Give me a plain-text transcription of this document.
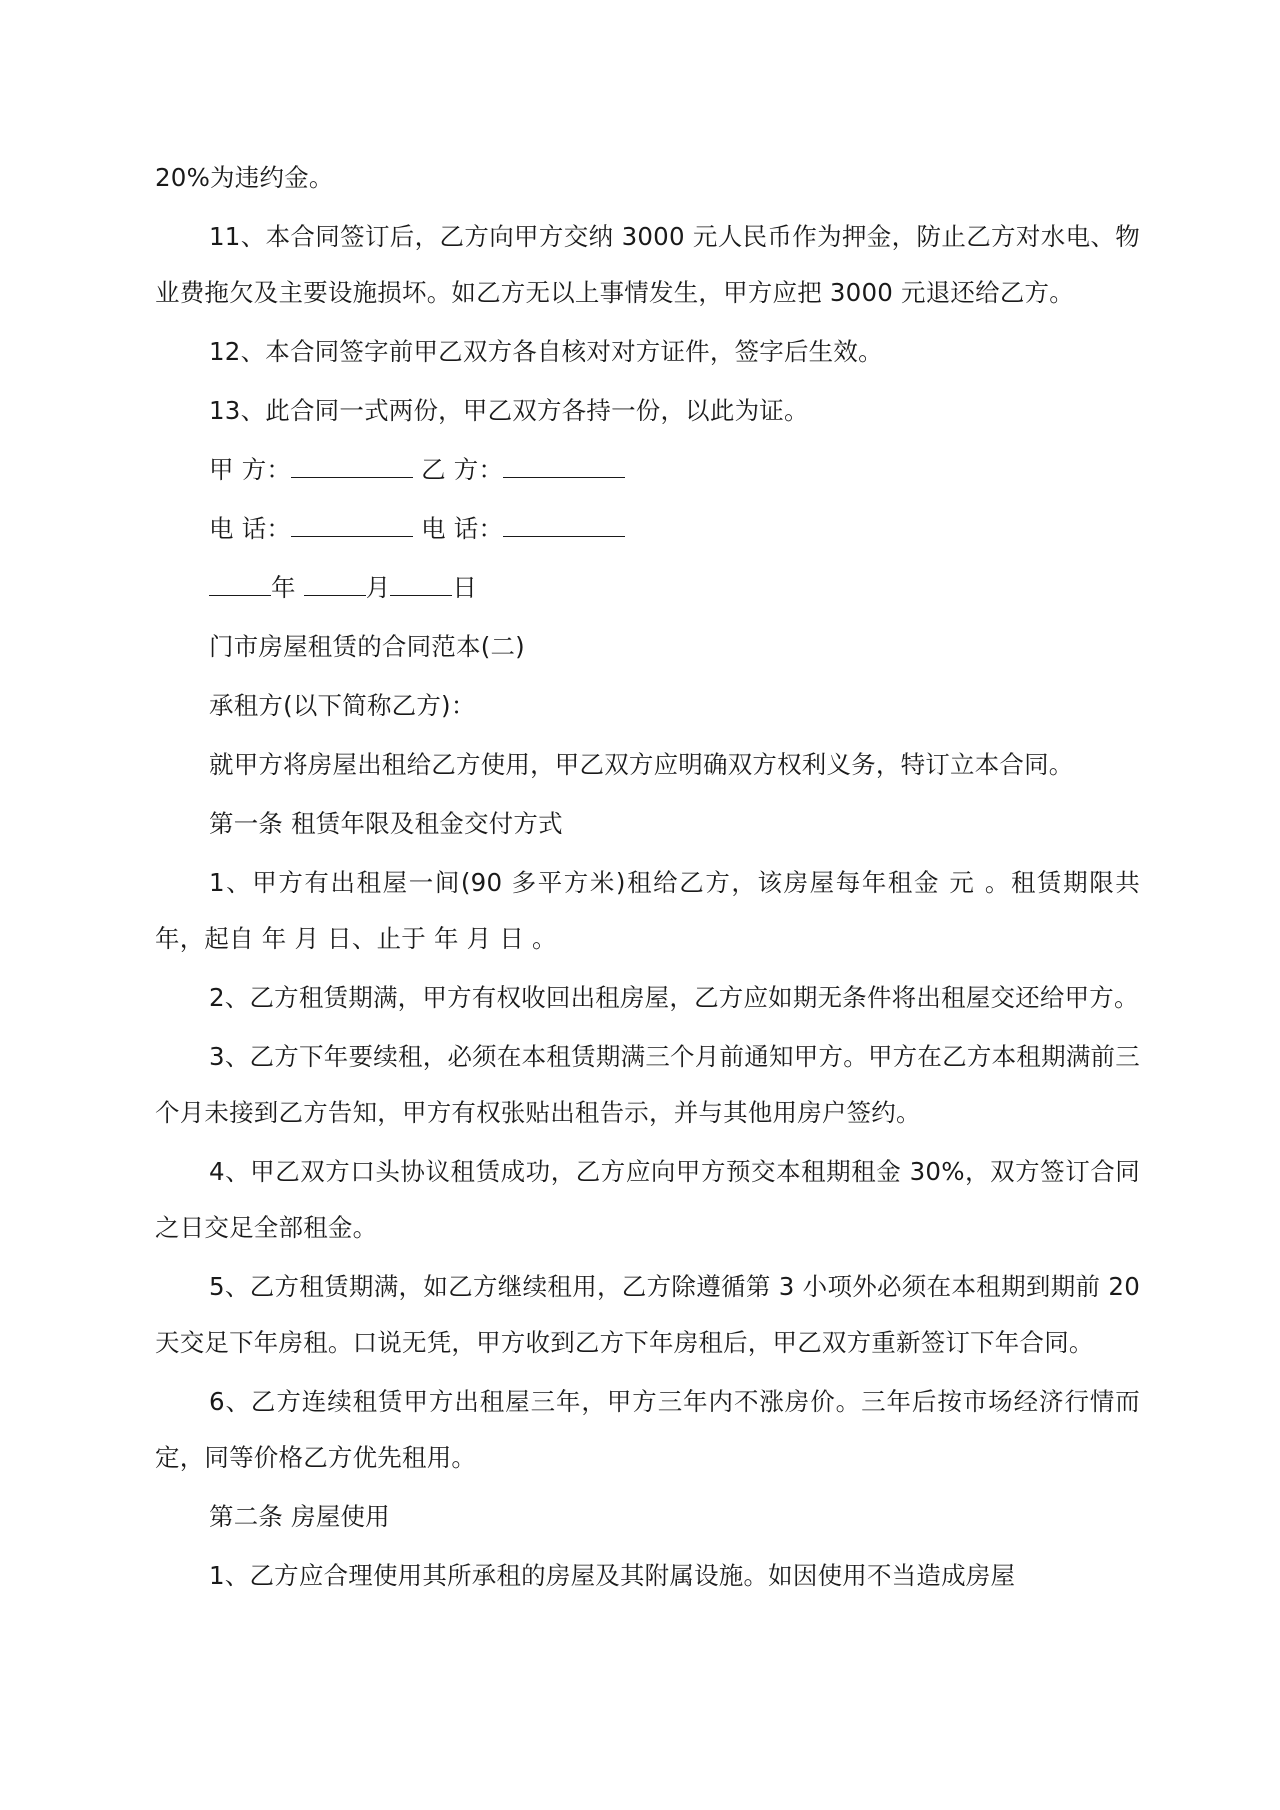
20%为违约金。

11、本合同签订后，乙方向甲方交纳 3000 元人民币作为押金，防止乙方对水电、物业费拖欠及主要设施损坏。如乙方无以上事情发生，甲方应把 3000 元退还给乙方。

12、本合同签字前甲乙双方各自核对对方证件，签字后生效。

13、此合同一式两份，甲乙双方各持一份，以此为证。

甲 方：	乙 方：

电 话：	电 话：

年	月	日

门市房屋租赁的合同范本(二)

承租方(以下简称乙方)：

就甲方将房屋出租给乙方使用，甲乙双方应明确双方权利义务，特订立本合同。

第一条 租赁年限及租金交付方式

1、甲方有出租屋一间(90 多平方米)租给乙方，该房屋每年租金 元 。租赁期限共 年，起自 年 月 日、止于 年 月 日 。

2、乙方租赁期满，甲方有权收回出租房屋，乙方应如期无条件将出租屋交还给甲方。

3、乙方下年要续租，必须在本租赁期满三个月前通知甲方。甲方在乙方本租期满前三个月未接到乙方告知，甲方有权张贴出租告示，并与其他用房户签约。

4、甲乙双方口头协议租赁成功，乙方应向甲方预交本租期租金 30%，双方签订合同之日交足全部租金。

5、乙方租赁期满，如乙方继续租用，乙方除遵循第 3 小项外必须在本租期到期前 20 天交足下年房租。口说无凭，甲方收到乙方下年房租后，甲乙双方重新签订下年合同。

6、乙方连续租赁甲方出租屋三年，甲方三年内不涨房价。三年后按市场经济行情而定，同等价格乙方优先租用。

第二条 房屋使用

1、乙方应合理使用其所承租的房屋及其附属设施。如因使用不当造成房屋
